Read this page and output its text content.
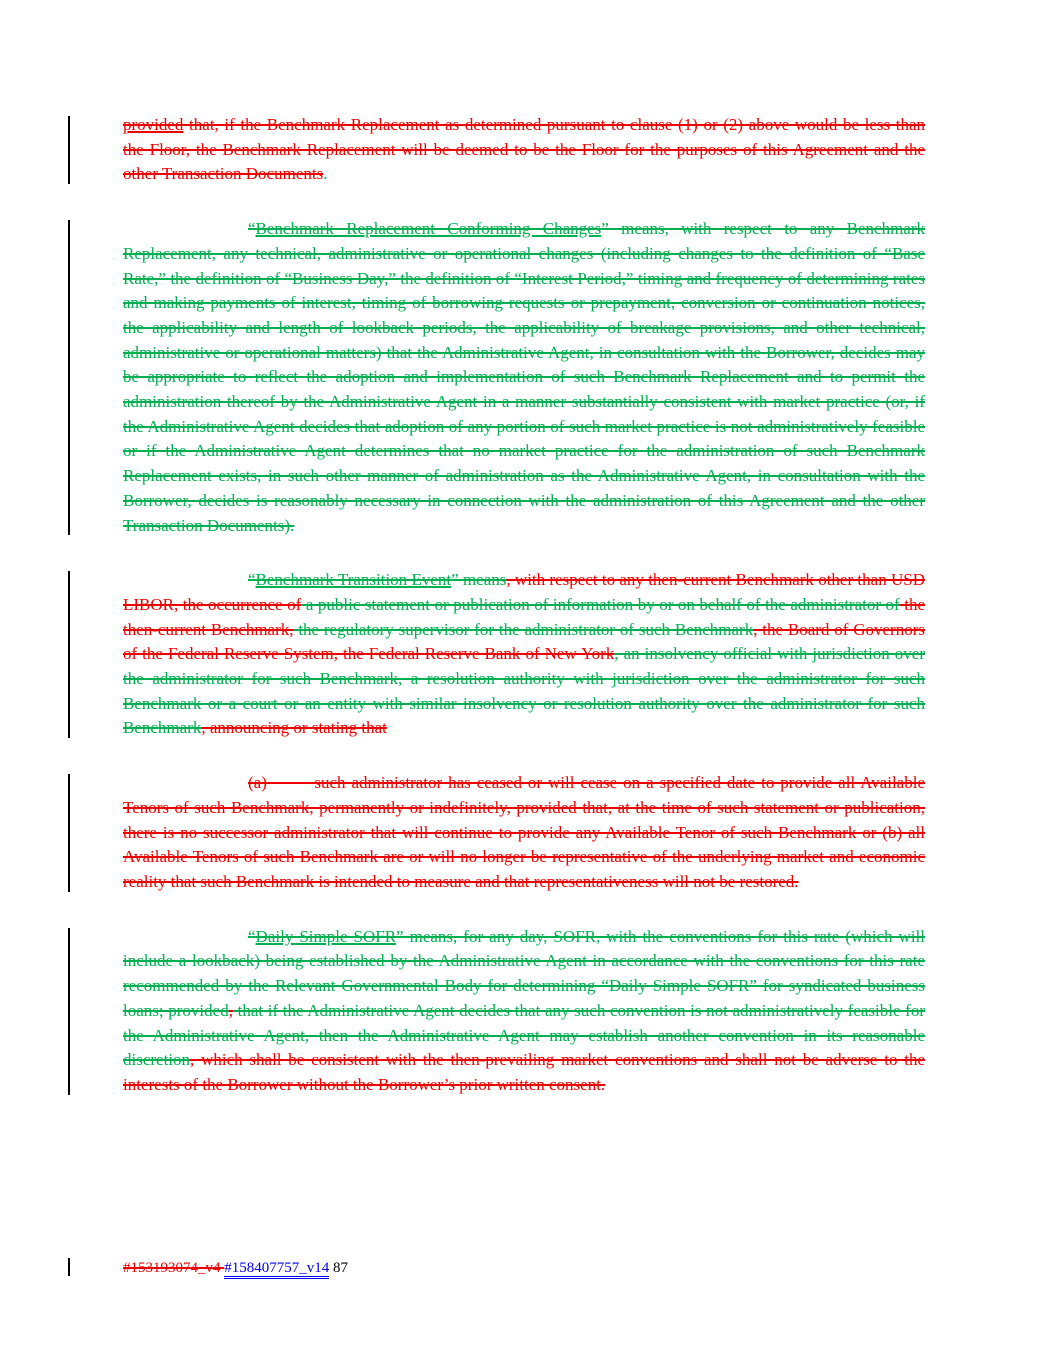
provided that, if the Benchmark Replacement as determined pursuant to clause (1) or (2) above would be less than the Floor, the Benchmark Replacement will be deemed to be the Floor for the purposes of this Agreement and the other Transaction Documents.

“Benchmark Replacement Conforming Changes” means, with respect to any Benchmark Replacement, any technical, administrative or operational changes (including changes to the definition of “Base Rate,” the definition of “Business Day,” the definition of “Interest Period,” timing and frequency of determining rates and making payments of interest, timing of borrowing requests or prepayment, conversion or continuation notices, the applicability and length of lookback periods, the applicability of breakage provisions, and other technical, administrative or operational matters) that the Administrative Agent, in consultation with the Borrower, decides may be appropriate to reflect the adoption and implementation of such Benchmark Replacement and to permit the administration thereof by the Administrative Agent in a manner substantially consistent with market practice (or, if the Administrative Agent decides that adoption of any portion of such market practice is not administratively feasible or if the Administrative Agent determines that no market practice for the administration of such Benchmark Replacement exists, in such other manner of administration as the Administrative Agent, in consultation with the Borrower, decides is reasonably necessary in connection with the administration of this Agreement and the other Transaction Documents).

“Benchmark Transition Event” means, with respect to any then-current Benchmark other than USD LIBOR, the occurrence of a public statement or publication of information by or on behalf of the administrator of the then-current Benchmark, the regulatory supervisor for the administrator of such Benchmark, the Board of Governors of the Federal Reserve System, the Federal Reserve Bank of New York, an insolvency official with jurisdiction over the administrator for such Benchmark, a resolution authority with jurisdiction over the administrator for such Benchmark or a court or an entity with similar insolvency or resolution authority over the administrator for such Benchmark, announcing or stating that

(a)        such administrator has ceased or will cease on a specified date to provide all Available Tenors of such Benchmark, permanently or indefinitely, provided that, at the time of such statement or publication, there is no successor administrator that will continue to provide any Available Tenor of such Benchmark or (b) all Available Tenors of such Benchmark are or will no longer be representative of the underlying market and economic reality that such Benchmark is intended to measure and that representativeness will not be restored.

“Daily Simple SOFR” means, for any day, SOFR, with the conventions for this rate (which will include a lookback) being established by the Administrative Agent in accordance with the conventions for this rate recommended by the Relevant Governmental Body for determining “Daily Simple SOFR” for syndicated business loans; provided, that if the Administrative Agent decides that any such convention is not administratively feasible for the Administrative Agent, then the Administrative Agent may establish another convention in its reasonable discretion, which shall be consistent with the then-prevailing market conventions and shall not be adverse to the interests of the Borrower without the Borrower’s prior written consent.

#153193074_v4 #158407757_v14 87
